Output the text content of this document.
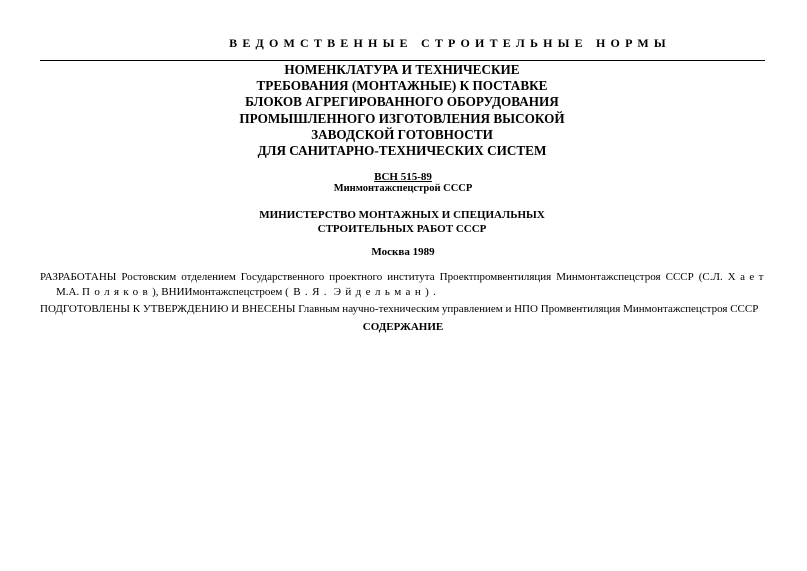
ВЕДОМСТВЕННЫЕ СТРОИТЕЛЬНЫЕ НОРМЫ
НОМЕНКЛАТУРА И ТЕХНИЧЕСКИЕ
ТРЕБОВАНИЯ (МОНТАЖНЫЕ) К ПОСТАВКЕ
БЛОКОВ АГРЕГИРОВАННОГО ОБОРУДОВАНИЯ
ПРОМЫШЛЕННОГО ИЗГОТОВЛЕНИЯ ВЫСОКОЙ
ЗАВОДСКОЙ ГОТОВНОСТИ
ДЛЯ САНИТАРНО-ТЕХНИЧЕСКИХ СИСТЕМ
ВСН 515-89
Минмонтажспецстрой СССР
МИНИСТЕРСТВО МОНТАЖНЫХ И СПЕЦИАЛЬНЫХ
СТРОИТЕЛЬНЫХ РАБОТ СССР
Москва 1989
РАЗРАБОТАНЫ Ростовским отделением Государственного проектного института Проектпромвентиляция Минмонтажспецстроя СССР (С.Л. Хает
М.А. Поляков), ВНИИмонтажспецстроем (В.Я. Эйдельман).
ПОДГОТОВЛЕНЫ К УТВЕРЖДЕНИЮ И ВНЕСЕНЫ Главным научно-техническим управлением и НПО Промвентиляция Минмонтажспецстроя СССР
СОДЕРЖАНИЕ
